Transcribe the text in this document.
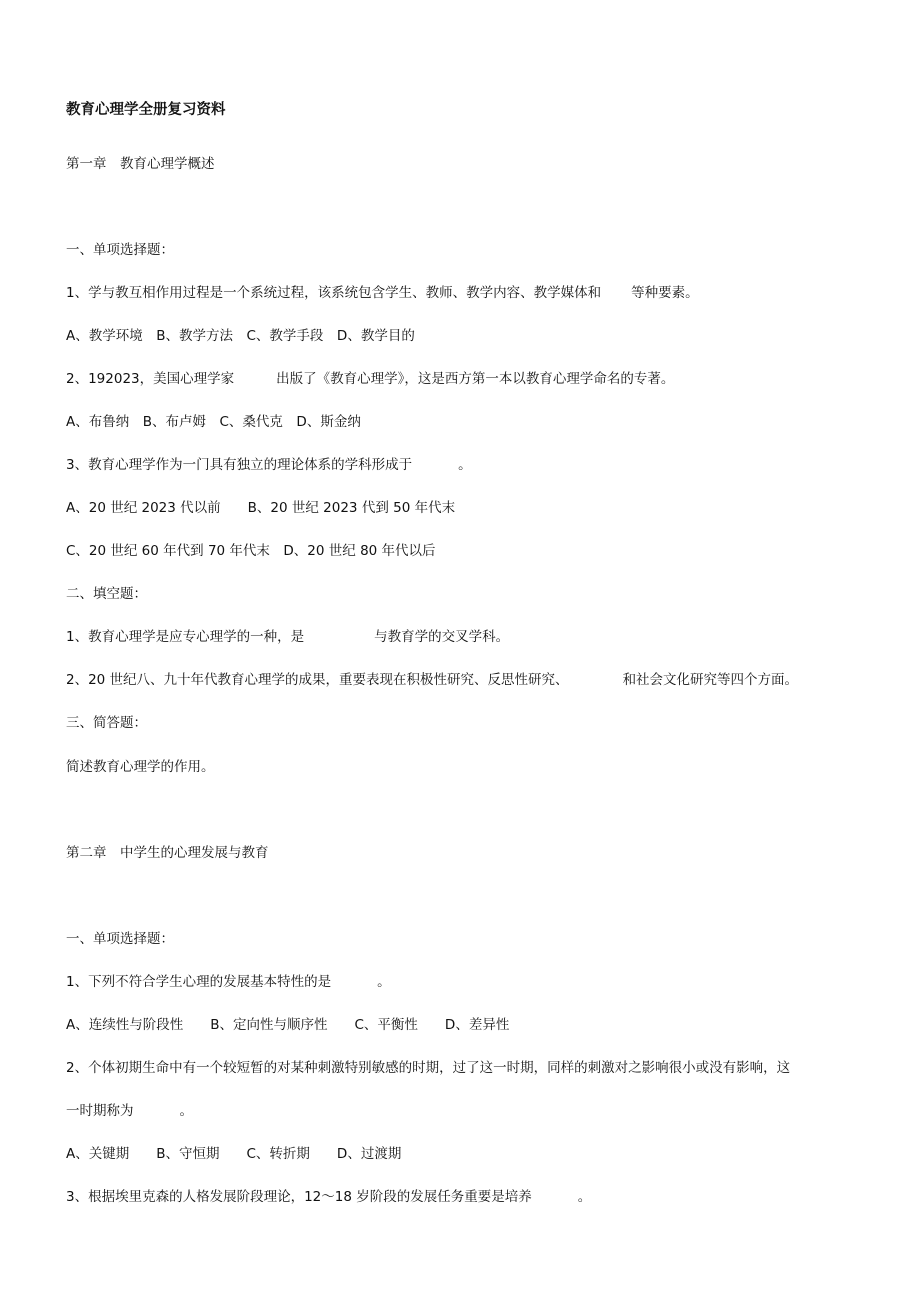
教育心理学全册复习资料
第一章　教育心理学概述
一、单项选择题：
1、学与教互相作用过程是一个系统过程，该系统包含学生、教师、教学内容、教学媒体和 等种要素。
A、教学环境　B、教学方法　C、教学手段　D、教学目的
2、192023，美国心理学家	出版了《教育心理学》，这是西方第一本以教育心理学命名的专著。
A、布鲁纳　B、布卢姆　C、桑代克　D、斯金纳
3、教育心理学作为一门具有独立的理论体系的学科形成于	。
A、20 世纪 2023 代以前　　B、20 世纪 2023 代到 50 年代末
C、20 世纪 60 年代到 70 年代末　D、20 世纪 80 年代以后
二、填空题：
1、教育心理学是应专心理学的一种，是	与教育学的交叉学科。
2、20 世纪八、九十年代教育心理学的成果，重要表现在积极性研究、反思性研究、	和社会文化研究等四个方面。
三、简答题：
简述教育心理学的作用。
第二章　中学生的心理发展与教育
一、单项选择题：
1、下列不符合学生心理的发展基本特性的是	。
A、连续性与阶段性　　B、定向性与顺序性　　C、平衡性　　D、差异性
2、个体初期生命中有一个较短暂的对某种刺激特别敏感的时期，过了这一时期，同样的刺激对之影响很小或没有影响，这
一时期称为	。
A、关键期　　B、守恒期　　C、转折期　　D、过渡期
3、根据埃里克森的人格发展阶段理论，12～18 岁阶段的发展任务重要是培养	。
